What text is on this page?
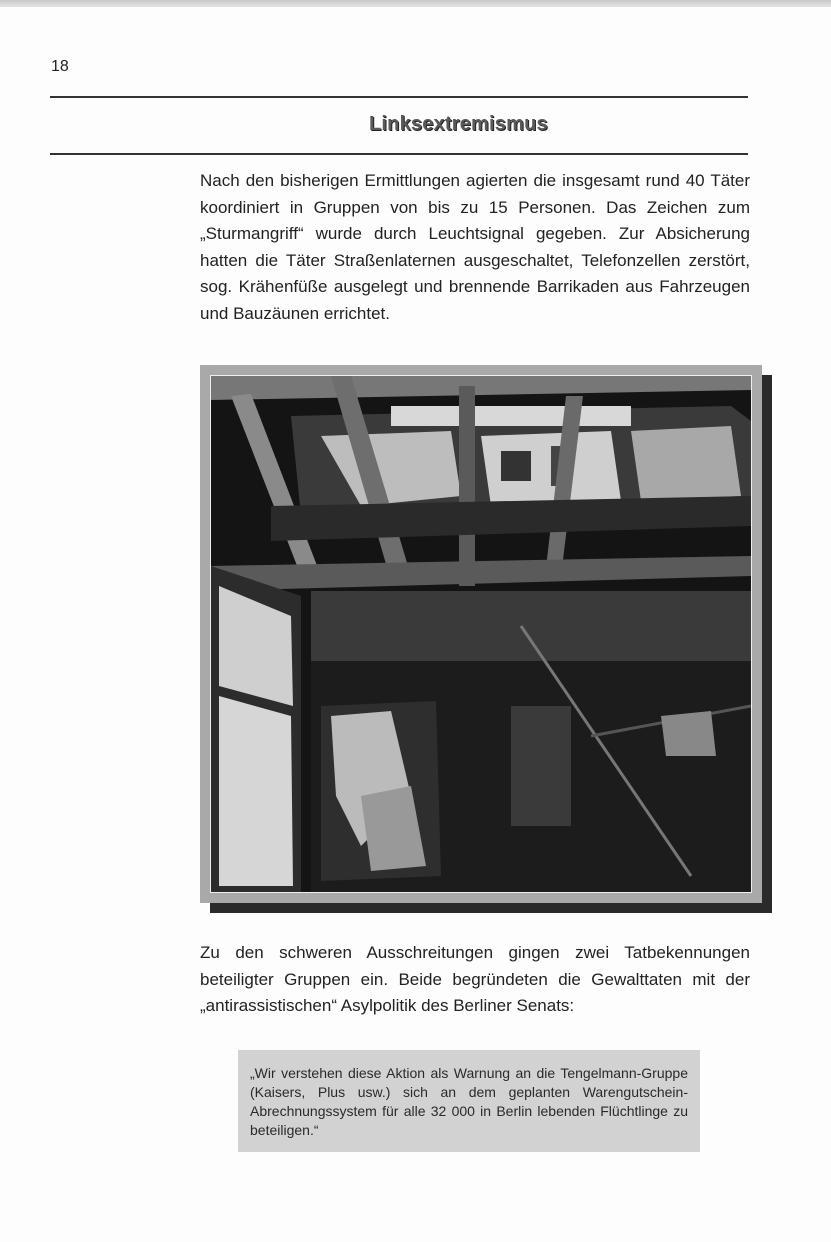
18
Linksextremismus
Nach den bisherigen Ermittlungen agierten die insgesamt rund 40 Täter koordiniert in Gruppen von bis zu 15 Personen. Das Zeichen zum „Sturmangriff“ wurde durch Leuchtsignal gegeben. Zur Absicherung hatten die Täter Straßenlaternen ausgeschaltet, Telefonzellen zerstört, sog. Krähenfüße ausgelegt und brennende Barrikaden aus Fahrzeugen und Bauzäunen errichtet.
Zu den schweren Ausschreitungen gingen zwei Tatbekennungen beteiligter Gruppen ein. Beide begründeten die Gewalttaten mit der „antirassistischen“ Asylpolitik des Berliner Senats:
„Wir verstehen diese Aktion als Warnung an die Tengelmann-Gruppe (Kaisers, Plus usw.) sich an dem geplanten Warengutschein-Abrechnungssystem für alle 32 000 in Berlin lebenden Flüchtlinge zu beteiligen.“
